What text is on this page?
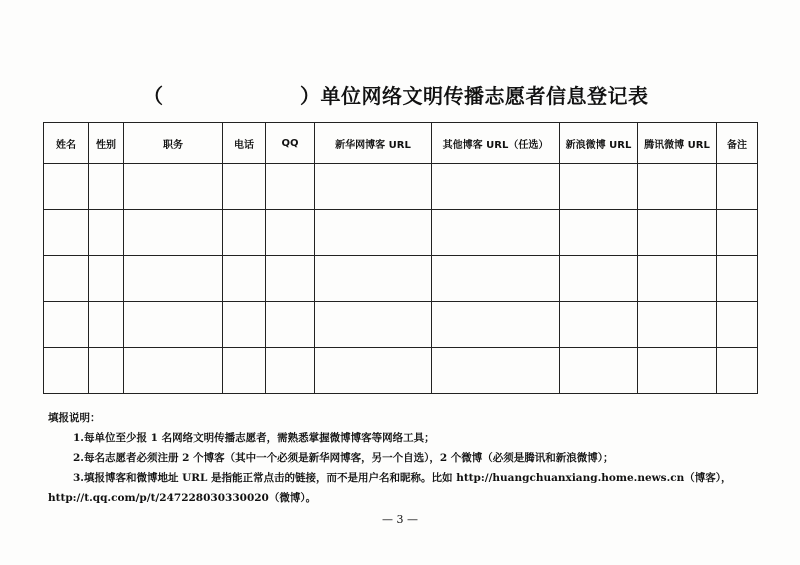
（	）单位网络文明传播志愿者信息登记表
姓名	性别	职务	电话	QQ	新华网博客 URL	其他博客 URL（任选）	新浪微博 URL	腾讯微博 URL	备注

填报说明：
1.每单位至少报 1 名网络文明传播志愿者，需熟悉掌握微博博客等网络工具；
2.每名志愿者必须注册 2 个博客（其中一个必须是新华网博客，另一个自选），2 个微博（必须是腾讯和新浪微博）；
3.填报博客和微博地址 URL 是指能正常点击的链接，而不是用户名和昵称。比如 http://huangchuanxiang.home.news.cn（博客），
http://t.qq.com/p/t/247228030330020（微博）。
— 3 —
